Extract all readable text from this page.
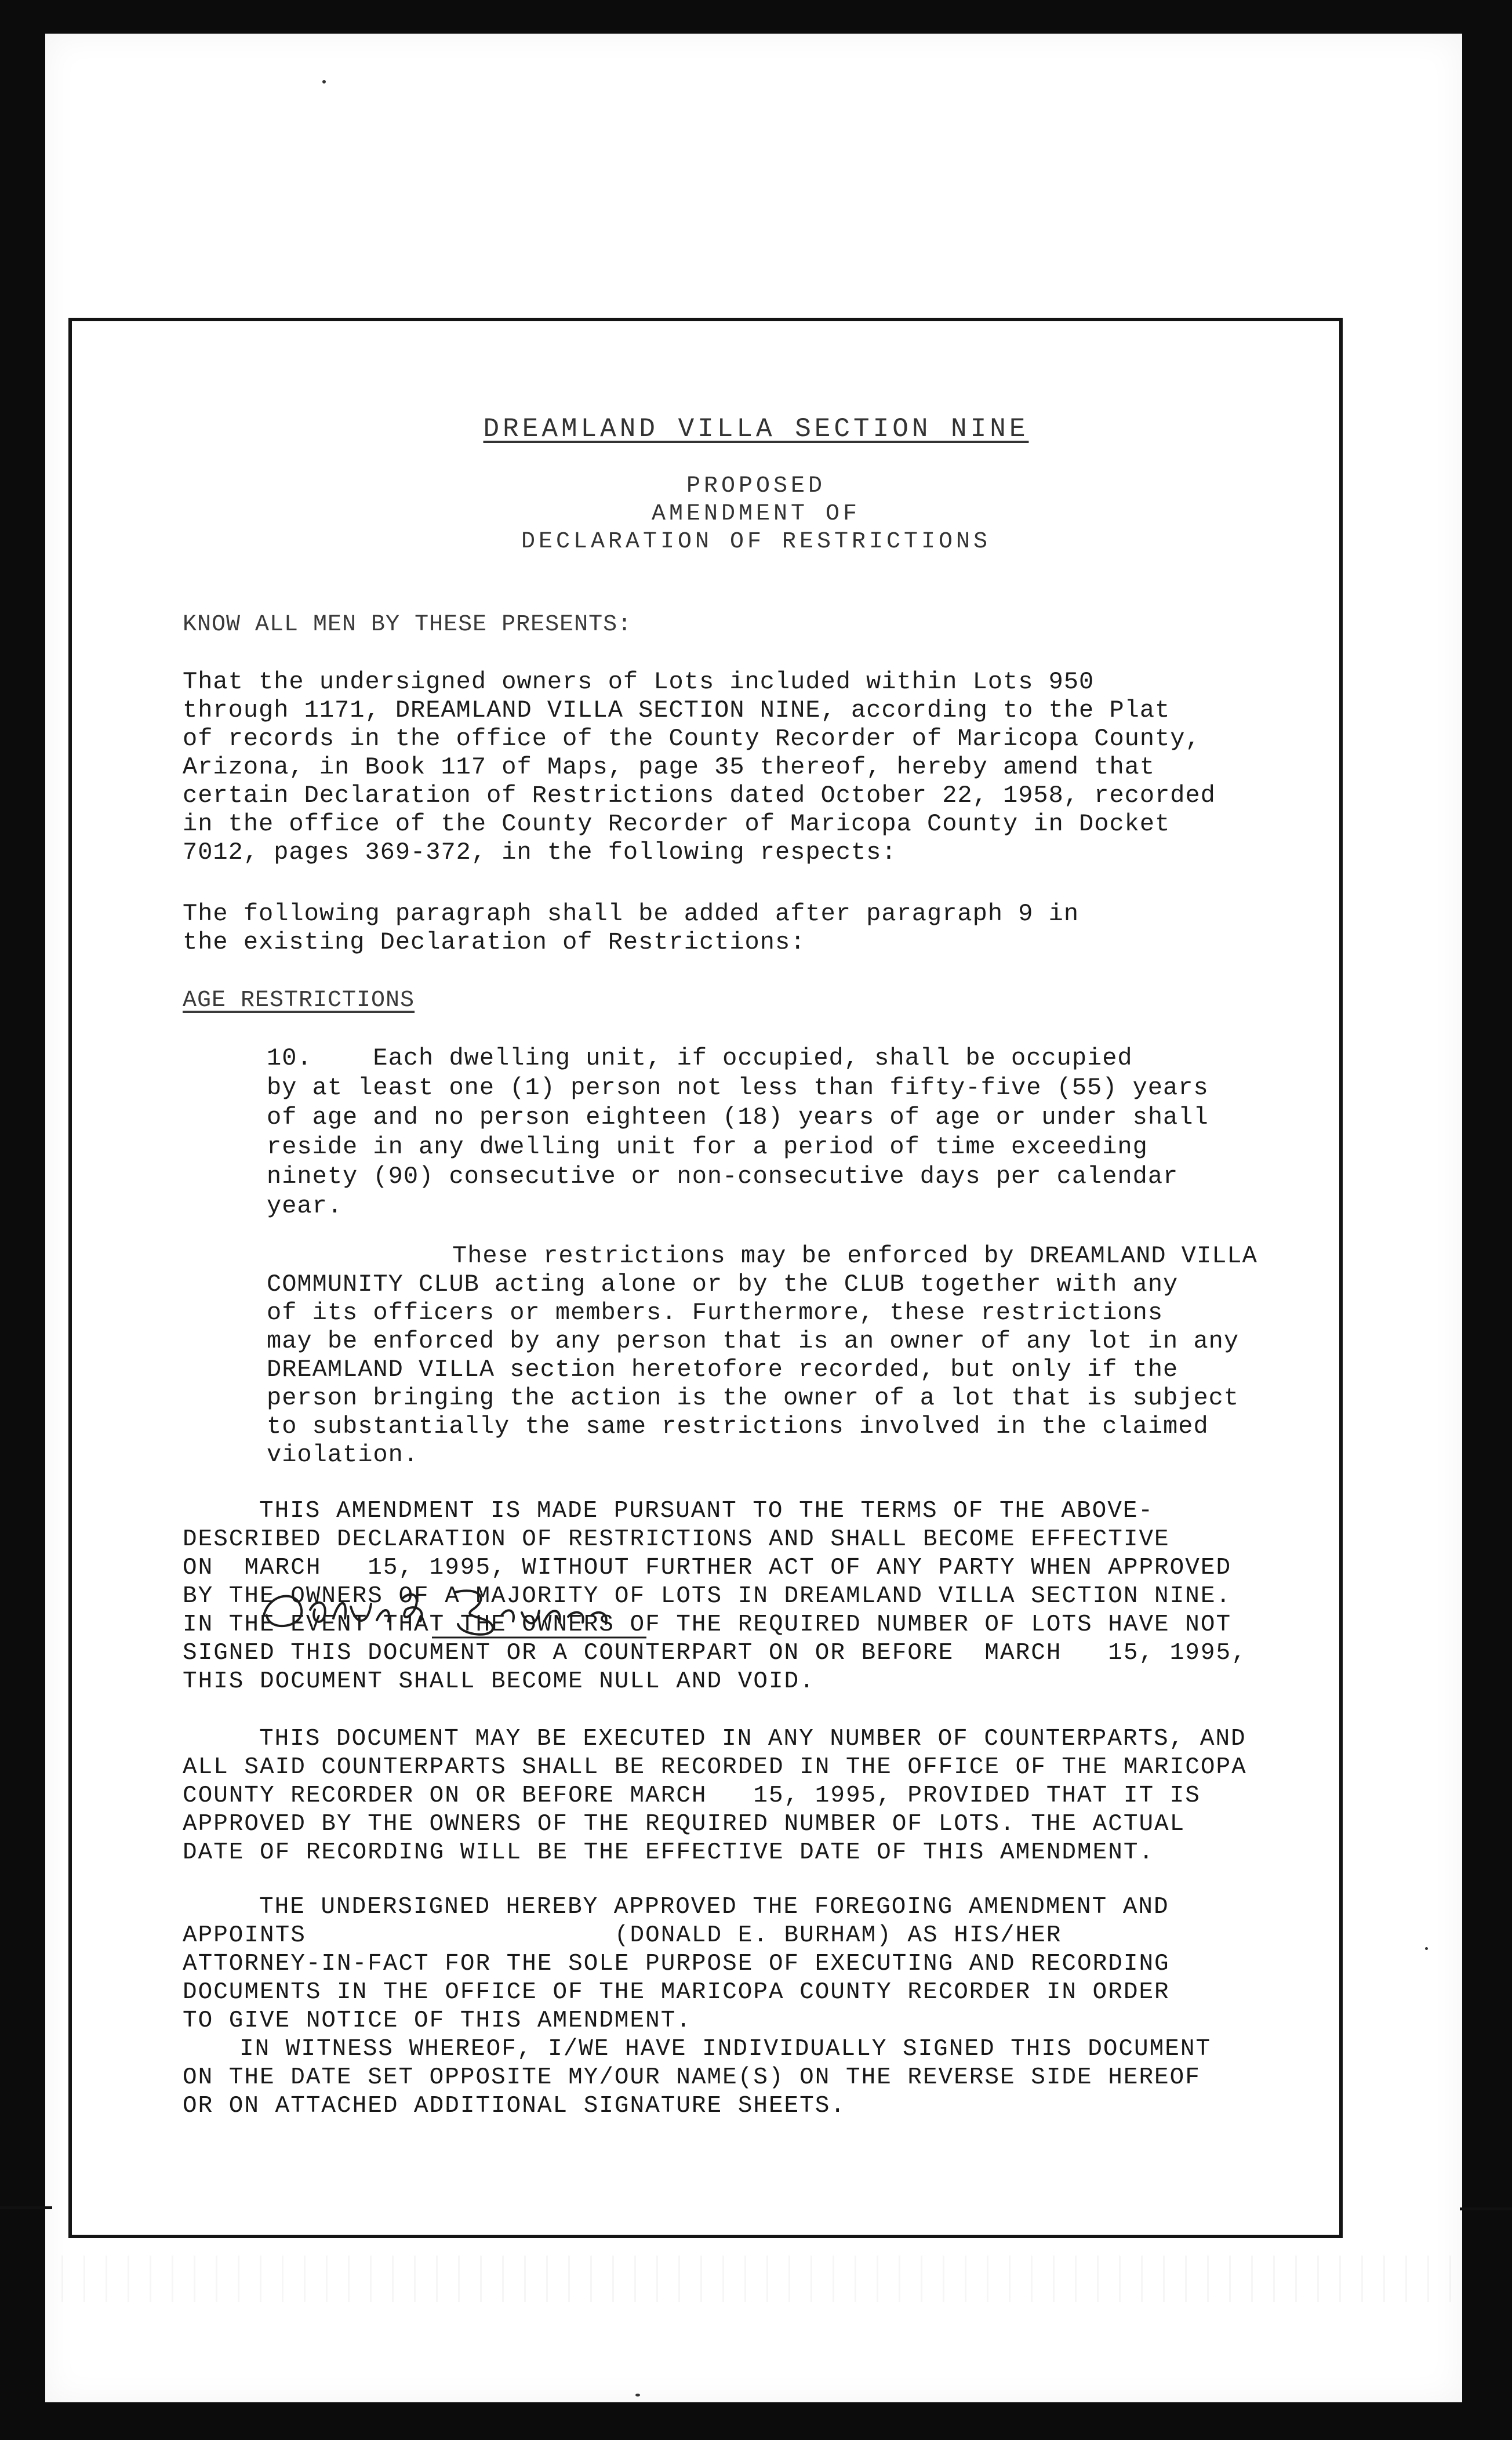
DREAMLAND VILLA SECTION NINE
PROPOSED
AMENDMENT OF
DECLARATION OF RESTRICTIONS
KNOW ALL MEN BY THESE PRESENTS:
That the undersigned owners of Lots included within Lots 950
through 1171, DREAMLAND VILLA SECTION NINE, according to the Plat
of records in the office of the County Recorder of Maricopa County,
Arizona, in Book 117 of Maps, page 35 thereof, hereby amend that
certain Declaration of Restrictions dated October 22, 1958, recorded
in the office of the County Recorder of Maricopa County in Docket
7012, pages 369-372, in the following respects:
The following paragraph shall be added after paragraph 9 in
the existing Declaration of Restrictions:
AGE RESTRICTIONS
10.    Each dwelling unit, if occupied, shall be occupied
by at least one (1) person not less than fifty-five (55) years
of age and no person eighteen (18) years of age or under shall
reside in any dwelling unit for a period of time exceeding
ninety (90) consecutive or non-consecutive days per calendar
year.
These restrictions may be enforced by DREAMLAND VILLA
COMMUNITY CLUB acting alone or by the CLUB together with any
of its officers or members. Furthermore, these restrictions
may be enforced by any person that is an owner of any lot in any
DREAMLAND VILLA section heretofore recorded, but only if the
person bringing the action is the owner of a lot that is subject
to substantially the same restrictions involved in the claimed
violation.
THIS AMENDMENT IS MADE PURSUANT TO THE TERMS OF THE ABOVE-
DESCRIBED DECLARATION OF RESTRICTIONS AND SHALL BECOME EFFECTIVE
ON  MARCH   15, 1995, WITHOUT FURTHER ACT OF ANY PARTY WHEN APPROVED
BY THE OWNERS OF A MAJORITY OF LOTS IN DREAMLAND VILLA SECTION NINE.
IN THE EVENT THAT THE OWNERS OF THE REQUIRED NUMBER OF LOTS HAVE NOT
SIGNED THIS DOCUMENT OR A COUNTERPART ON OR BEFORE  MARCH   15, 1995,
THIS DOCUMENT SHALL BECOME NULL AND VOID.
THIS DOCUMENT MAY BE EXECUTED IN ANY NUMBER OF COUNTERPARTS, AND
ALL SAID COUNTERPARTS SHALL BE RECORDED IN THE OFFICE OF THE MARICOPA
COUNTY RECORDER ON OR BEFORE MARCH   15, 1995, PROVIDED THAT IT IS
APPROVED BY THE OWNERS OF THE REQUIRED NUMBER OF LOTS. THE ACTUAL
DATE OF RECORDING WILL BE THE EFFECTIVE DATE OF THIS AMENDMENT.
THE UNDERSIGNED HEREBY APPROVED THE FOREGOING AMENDMENT AND
APPOINTS                    (DONALD E. BURHAM) AS HIS/HER
ATTORNEY-IN-FACT FOR THE SOLE PURPOSE OF EXECUTING AND RECORDING
DOCUMENTS IN THE OFFICE OF THE MARICOPA COUNTY RECORDER IN ORDER
TO GIVE NOTICE OF THIS AMENDMENT.
IN WITNESS WHEREOF, I/WE HAVE INDIVIDUALLY SIGNED THIS DOCUMENT
ON THE DATE SET OPPOSITE MY/OUR NAME(S) ON THE REVERSE SIDE HEREOF
OR ON ATTACHED ADDITIONAL SIGNATURE SHEETS.
